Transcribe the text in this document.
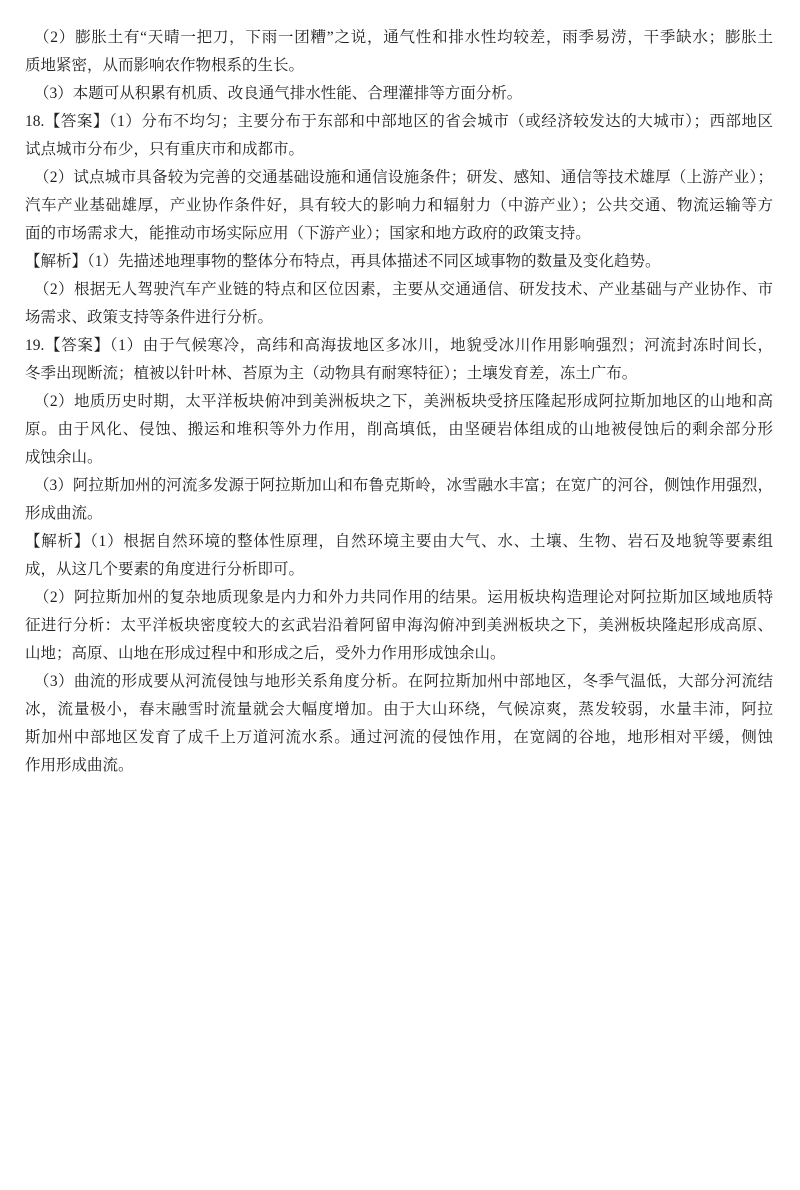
（2）膨胀土有“天晴一把刀，下雨一团糟”之说，通气性和排水性均较差，雨季易涝，干季缺水；膨胀土
质地紧密，从而影响农作物根系的生长。
（3）本题可从积累有机质、改良通气排水性能、合理灌排等方面分析。
18.【答案】（1）分布不均匀；主要分布于东部和中部地区的省会城市（或经济较发达的大城市）；西部地区
试点城市分布少，只有重庆市和成都市。
（2）试点城市具备较为完善的交通基础设施和通信设施条件；研发、感知、通信等技术雄厚（上游产业）；
汽车产业基础雄厚，产业协作条件好，具有较大的影响力和辐射力（中游产业）；公共交通、物流运输等方
面的市场需求大，能推动市场实际应用（下游产业）；国家和地方政府的政策支持。
【解析】（1）先描述地理事物的整体分布特点，再具体描述不同区域事物的数量及变化趋势。
（2）根据无人驾驶汽车产业链的特点和区位因素，主要从交通通信、研发技术、产业基础与产业协作、市
场需求、政策支持等条件进行分析。
19.【答案】（1）由于气候寒冷，高纬和高海拔地区多冰川，地貌受冰川作用影响强烈；河流封冻时间长，
冬季出现断流；植被以针叶林、苔原为主（动物具有耐寒特征）；土壤发育差，冻土广布。
（2）地质历史时期，太平洋板块俯冲到美洲板块之下，美洲板块受挤压隆起形成阿拉斯加地区的山地和高
原。由于风化、侵蚀、搬运和堆积等外力作用，削高填低，由坚硬岩体组成的山地被侵蚀后的剩余部分形
成蚀余山。
（3）阿拉斯加州的河流多发源于阿拉斯加山和布鲁克斯岭，冰雪融水丰富；在宽广的河谷，侧蚀作用强烈，
形成曲流。
【解析】（1）根据自然环境的整体性原理，自然环境主要由大气、水、土壤、生物、岩石及地貌等要素组
成，从这几个要素的角度进行分析即可。
（2）阿拉斯加州的复杂地质现象是内力和外力共同作用的结果。运用板块构造理论对阿拉斯加区域地质特
征进行分析：太平洋板块密度较大的玄武岩沿着阿留申海沟俯冲到美洲板块之下，美洲板块隆起形成高原、
山地；高原、山地在形成过程中和形成之后，受外力作用形成蚀余山。
（3）曲流的形成要从河流侵蚀与地形关系角度分析。在阿拉斯加州中部地区，冬季气温低，大部分河流结
冰，流量极小，春末融雪时流量就会大幅度增加。由于大山环绕，气候凉爽，蒸发较弱，水量丰沛，阿拉
斯加州中部地区发育了成千上万道河流水系。通过河流的侵蚀作用，在宽阔的谷地，地形相对平缓，侧蚀
作用形成曲流。
